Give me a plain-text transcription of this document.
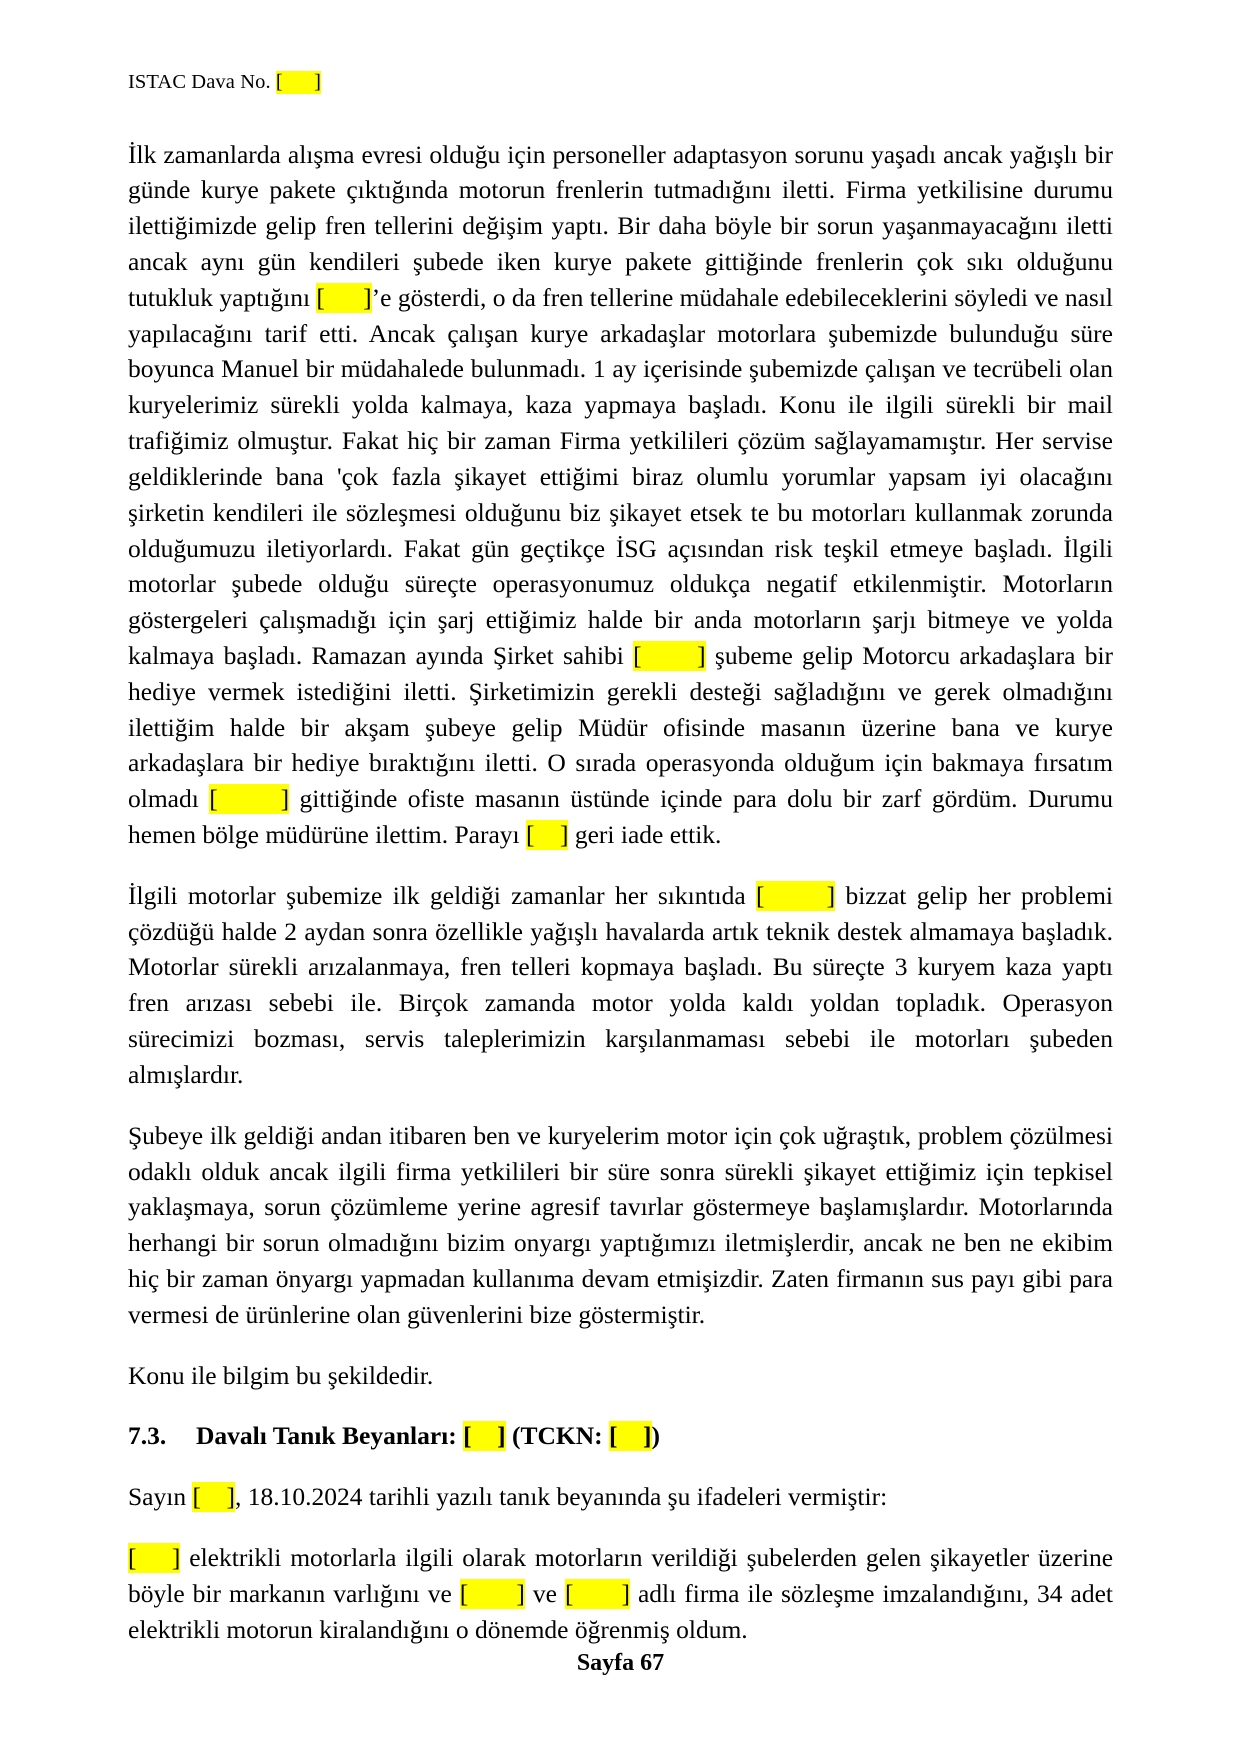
ISTAC Dava No. [      ]

İlk zamanlarda alışma evresi olduğu için personeller adaptasyon sorunu yaşadı ancak yağışlı bir günde kurye pakete çıktığında motorun frenlerin tutmadığını iletti. Firma yetkilisine durumu ilettiğimizde gelip fren tellerini değişim yaptı. Bir daha böyle bir sorun yaşanmayacağını iletti ancak aynı gün kendileri şubede iken kurye pakete gittiğinde frenlerin çok sıkı olduğunu tutukluk yaptığını [      ]’e gösterdi, o da fren tellerine müdahale edebileceklerini söyledi ve nasıl yapılacağını tarif etti. Ancak çalışan kurye arkadaşlar motorlara şubemizde bulunduğu süre boyunca Manuel bir müdahalede bulunmadı. 1 ay içerisinde şubemizde çalışan ve tecrübeli olan kuryelerimiz sürekli yolda kalmaya, kaza yapmaya başladı. Konu ile ilgili sürekli bir mail trafiğimiz olmuştur. Fakat hiç bir zaman Firma yetkilileri çözüm sağlayamamıştır. Her servise geldiklerinde bana 'çok fazla şikayet ettiğimi biraz olumlu yorumlar yapsam iyi olacağını şirketin kendileri ile sözleşmesi olduğunu biz şikayet etsek te bu motorları kullanmak zorunda olduğumuzu iletiyorlardı. Fakat gün geçtikçe İSG açısından risk teşkil etmeye başladı. İlgili motorlar şubede olduğu süreçte operasyonumuz oldukça negatif etkilenmiştir. Motorların göstergeleri çalışmadığı için şarj ettiğimiz halde bir anda motorların şarjı bitmeye ve yolda kalmaya başladı. Ramazan ayında Şirket sahibi [      ] şubeme gelip Motorcu arkadaşlara bir hediye vermek istediğini iletti. Şirketimizin gerekli desteği sağladığını ve gerek olmadığını ilettiğim halde bir akşam şubeye gelip Müdür ofisinde masanın üzerine bana ve kurye arkadaşlara bir hediye bıraktığını iletti. O sırada operasyonda olduğum için bakmaya fırsatım olmadı [      ] gittiğinde ofiste masanın üstünde içinde para dolu bir zarf gördüm. Durumu hemen bölge müdürüne ilettim. Parayı [    ] geri iade ettik.

İlgili motorlar şubemize ilk geldiği zamanlar her sıkıntıda [      ] bizzat gelip her problemi çözdüğü halde 2 aydan sonra özellikle yağışlı havalarda artık teknik destek almamaya başladık. Motorlar sürekli arızalanmaya, fren telleri kopmaya başladı. Bu süreçte 3 kuryem kaza yaptı fren arızası sebebi ile. Birçok zamanda motor yolda kaldı yoldan topladık. Operasyon sürecimizi bozması, servis taleplerimizin karşılanmaması sebebi ile motorları şubeden almışlardır.

Şubeye ilk geldiği andan itibaren ben ve kuryelerim motor için çok uğraştık, problem çözülmesi odaklı olduk ancak ilgili firma yetkilileri bir süre sonra sürekli şikayet ettiğimiz için tepkisel yaklaşmaya, sorun çözümleme yerine agresif tavırlar göstermeye başlamışlardır. Motorlarında herhangi bir sorun olmadığını bizim onyargı yaptığımızı iletmişlerdir, ancak ne ben ne ekibim hiç bir zaman önyargı yapmadan kullanıma devam etmişizdir. Zaten firmanın sus payı gibi para vermesi de ürünlerine olan güvenlerini bize göstermiştir.

Konu ile bilgim bu şekildedir.

7.3. Davalı Tanık Beyanları: [    ] (TCKN: [    ])

Sayın [    ], 18.10.2024 tarihli yazılı tanık beyanında şu ifadeleri vermiştir:

[    ] elektrikli motorlarla ilgili olarak motorların verildiği şubelerden gelen şikayetler üzerine böyle bir markanın varlığını ve [      ] ve [      ] adlı firma ile sözleşme imzalandığını, 34 adet elektrikli motorun kiralandığını o dönemde öğrenmiş oldum.

Sayfa 67
